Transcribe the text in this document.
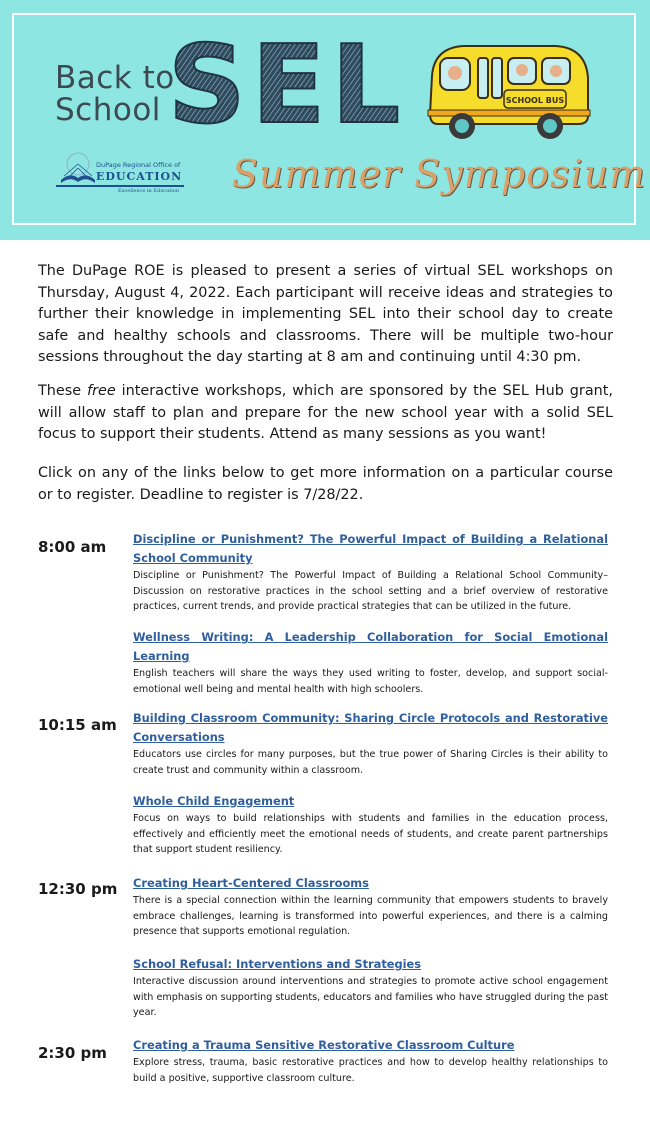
Back to
School SEL	SCHOOL BUS
DuPage Regional Office of
EDUCATION
Excellence in Education Summer Symposium

The DuPage ROE is pleased to present a series of virtual SEL workshops on Thursday, August 4, 2022. Each participant will receive ideas and strategies to further their knowledge in implementing SEL into their school day to create safe and healthy schools and classrooms. There will be multiple two-hour sessions throughout the day starting at 8 am and continuing until 4:30 pm.

These free interactive workshops, which are sponsored by the SEL Hub grant, will allow staff to plan and prepare for the new school year with a solid SEL focus to support their students. Attend as many sessions as you want!

Click on any of the links below to get more information on a particular course or to register. Deadline to register is 7/28/22.

8:00 am
10:15 am
12:30 pm
2:30 pm
Discipline or Punishment? The Powerful Impact of Building a Relational School Community

Discipline or Punishment? The Powerful Impact of Building a Relational School Community– Discussion on restorative practices in the school setting and a brief overview of restorative practices, current trends, and provide practical strategies that can be utilized in the future.

Wellness Writing: A Leadership Collaboration for Social Emotional Learning

English teachers will share the ways they used writing to foster, develop, and support social-emotional well being and mental health with high schoolers.

Building Classroom Community: Sharing Circle Protocols and Restorative Conversations

Educators use circles for many purposes, but the true power of Sharing Circles is their ability to create trust and community within a classroom.

Whole Child Engagement

Focus on ways to build relationships with students and families in the education process, effectively and efficiently meet the emotional needs of students, and create parent partnerships that support student resiliency.

Creating Heart-Centered Classrooms

There is a special connection within the learning community that empowers students to bravely embrace challenges, learning is transformed into powerful experiences, and there is a calming presence that supports emotional regulation.

School Refusal: Interventions and Strategies

Interactive discussion around interventions and strategies to promote active school engagement with emphasis on supporting students, educators and families who have struggled during the past year.

Creating a Trauma Sensitive Restorative Classroom Culture

Explore stress, trauma, basic restorative practices and how to develop healthy relationships to build a positive, supportive classroom culture.
